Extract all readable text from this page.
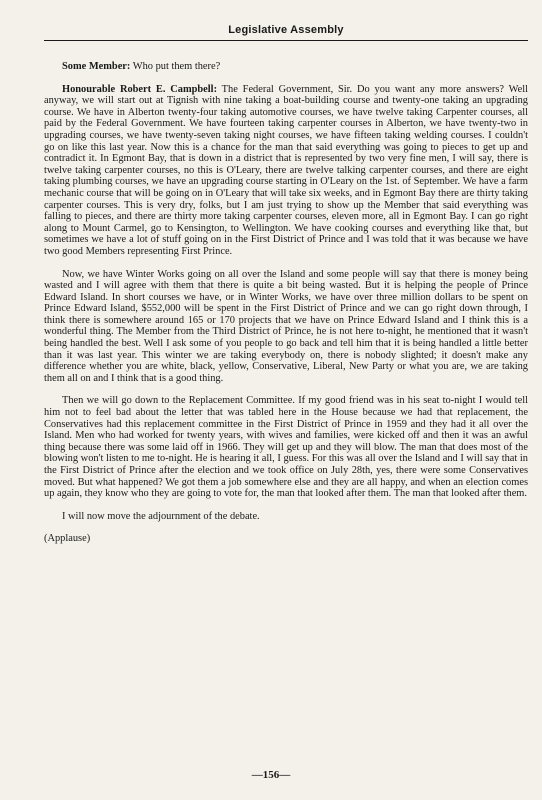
Legislative Assembly

Some Member: Who put them there?

Honourable Robert E. Campbell: The Federal Government, Sir. Do you want any more answers? Well anyway, we will start out at Tignish with nine taking a boat-building course and twenty-one taking an upgrading course. We have in Alberton twenty-four taking automotive courses, we have twelve taking Carpenter courses, all paid by the Federal Government. We have fourteen taking carpenter courses in Alberton, we have twenty-two in upgrading courses, we have twenty-seven taking night courses, we have fifteen taking welding courses. I couldn't go on like this last year. Now this is a chance for the man that said everything was going to pieces to get up and contradict it. In Egmont Bay, that is down in a district that is represented by two very fine men, I will say, there is twelve taking carpenter courses, no this is O'Leary, there are twelve talking carpenter courses, and there are eight taking plumbing courses, we have an upgrading course starting in O'Leary on the 1st. of September. We have a farm mechanic course that will be going on in O'Leary that will take six weeks, and in Egmont Bay there are thirty taking carpenter courses. This is very dry, folks, but I am just trying to show up the Member that said everything was falling to pieces, and there are thirty more taking carpenter courses, eleven more, all in Egmont Bay. I can go right along to Mount Carmel, go to Kensington, to Wellington. We have cooking courses and everything like that, but sometimes we have a lot of stuff going on in the First District of Prince and I was told that it was because we have two good Members representing First Prince.

Now, we have Winter Works going on all over the Island and some people will say that there is money being wasted and I will agree with them that there is quite a bit being wasted. But it is helping the people of Prince Edward Island. In short courses we have, or in Winter Works, we have over three million dollars to be spent on Prince Edward Island, $552,000 will be spent in the First District of Prince and we can go right down through, I think there is somewhere around 165 or 170 projects that we have on Prince Edward Island and I think this is a wonderful thing. The Member from the Third District of Prince, he is not here to-night, he mentioned that it wasn't being handled the best. Well I ask some of you people to go back and tell him that it is being handled a little better than it was last year. This winter we are taking everybody on, there is nobody slighted; it doesn't make any difference whether you are white, black, yellow, Conservative, Liberal, New Party or what you are, we are taking them all on and I think that is a good thing.

Then we will go down to the Replacement Committee. If my good friend was in his seat to-night I would tell him not to feel bad about the letter that was tabled here in the House because we had that replacement, the Conservatives had this replacement committee in the First District of Prince in 1959 and they had it all over the Island. Men who had worked for twenty years, with wives and families, were kicked off and then it was an awful thing because there was some laid off in 1966. They will get up and they will blow. The man that does most of the blowing won't listen to me to-night. He is hearing it all, I guess. For this was all over the Island and I will say that in the First District of Prince after the election and we took office on July 28th, yes, there were some Conservatives moved. But what happened? We got them a job somewhere else and they are all happy, and when an election comes up again, they know who they are going to vote for, the man that looked after them. The man that looked after them.

I will now move the adjournment of the debate.

(Applause)

—156—
